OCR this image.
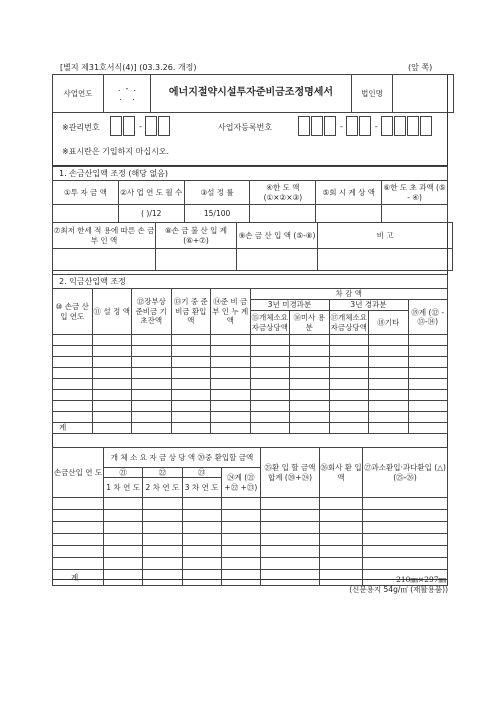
[별지 제31호서식(4)] (03.3.26. 개정)	(앞 쪽)
사업연도	
.  -  .
.    .	에너지절약시설투자준비금조정명세서	법인명	
※관리번호	-	사업자등록번호	-	-
※표시란은 기입하지 마십시오.
1. 손금산입액 조정 (해당 없음)					
①투 자 금 액	②사 업 연 도 월 수	③설 정 률	④한 도 액 (①×②×③)	⑤회 시 계 상 액	⑥한 도 초 과액 (⑤ - ④)
	( )/12	15/100			
⑦최저 한세 적 용에 따른 손 금 부 인 액	⑧손 금 불 산 입 계 (⑥+⑦)	⑨손 금 산 입 액 (⑤-⑧)	비 고

2. 익금산입액 조정									
⑩ 손금 산입 연도	⑪ 설 정 액	⑫장부상 준비금 기초잔액	⑬기 중 준비금 환입액	⑭준 비 금 부 인 누 계 액	차 감 액				
					3년 미경과분		3년 경과분		⑲계 (⑫ - ⑬-⑭)
					⑮개체소요 자금상당액	⑯미사 용분	⑰개체소요 자금상당액	⑱기타	

계									
손금산입 연 도	개 체 소 요 자 금 상 당 액 ⑳중 환입할 금액				㉕환 입 할 금액합계 (⑳+㉔)	㉖회사 환 입 액	㉗과소환입·과다환입 (△)(㉕-㉖)
	㉑	㉒	㉓	㉔계 (㉑+㉒ +㉓)			
	1 차 연 도	2 차 연 도	3 차 연 도				

계								210㎜×297㎜
(신문용지 54g/㎡ (재활용품))
